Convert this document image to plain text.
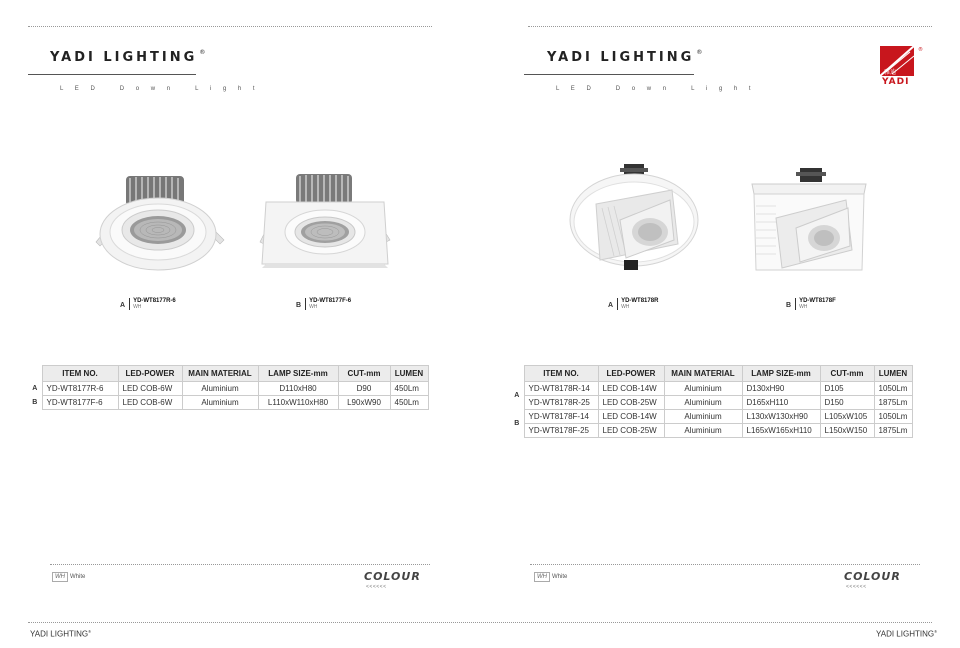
YADI LIGHTING ®
L E D   D o w n   L i g h t
A
YD-WT8177R-6
WH	B
YD-WT8177F-6
WH
	ITEM NO.	LED-POWER	MAIN MATERIAL	LAMP SIZE-mm	CUT-mm	LUMEN
A	YD-WT8177R-6	LED COB-6W	Aluminium	D110xH80	D90	450Lm
B	YD-WT8177F-6	LED COB-6W	Aluminium	L110xW110xH80	L90xW90	450Lm
WH White	COLOUR
<<<<<<
YADI LIGHTING®
YADI LIGHTING ®
L E D   D o w n   L i g h t
雅迪
®
YADI
A
YD-WT8178R
WH	B
YD-WT8178F
WH
	ITEM NO.	LED-POWER	MAIN MATERIAL	LAMP SIZE-mm	CUT-mm	LUMEN
A	YD-WT8178R-14	LED COB-14W	Aluminium	D130xH90	D105	1050Lm
	YD-WT8178R-25	LED COB-25W	Aluminium	D165xH110	D150	1875Lm
B	YD-WT8178F-14	LED COB-14W	Aluminium	L130xW130xH90	L105xW105	1050Lm
	YD-WT8178F-25	LED COB-25W	Aluminium	L165xW165xH110	L150xW150	1875Lm
WH White	COLOUR
<<<<<<
YADI LIGHTING®
